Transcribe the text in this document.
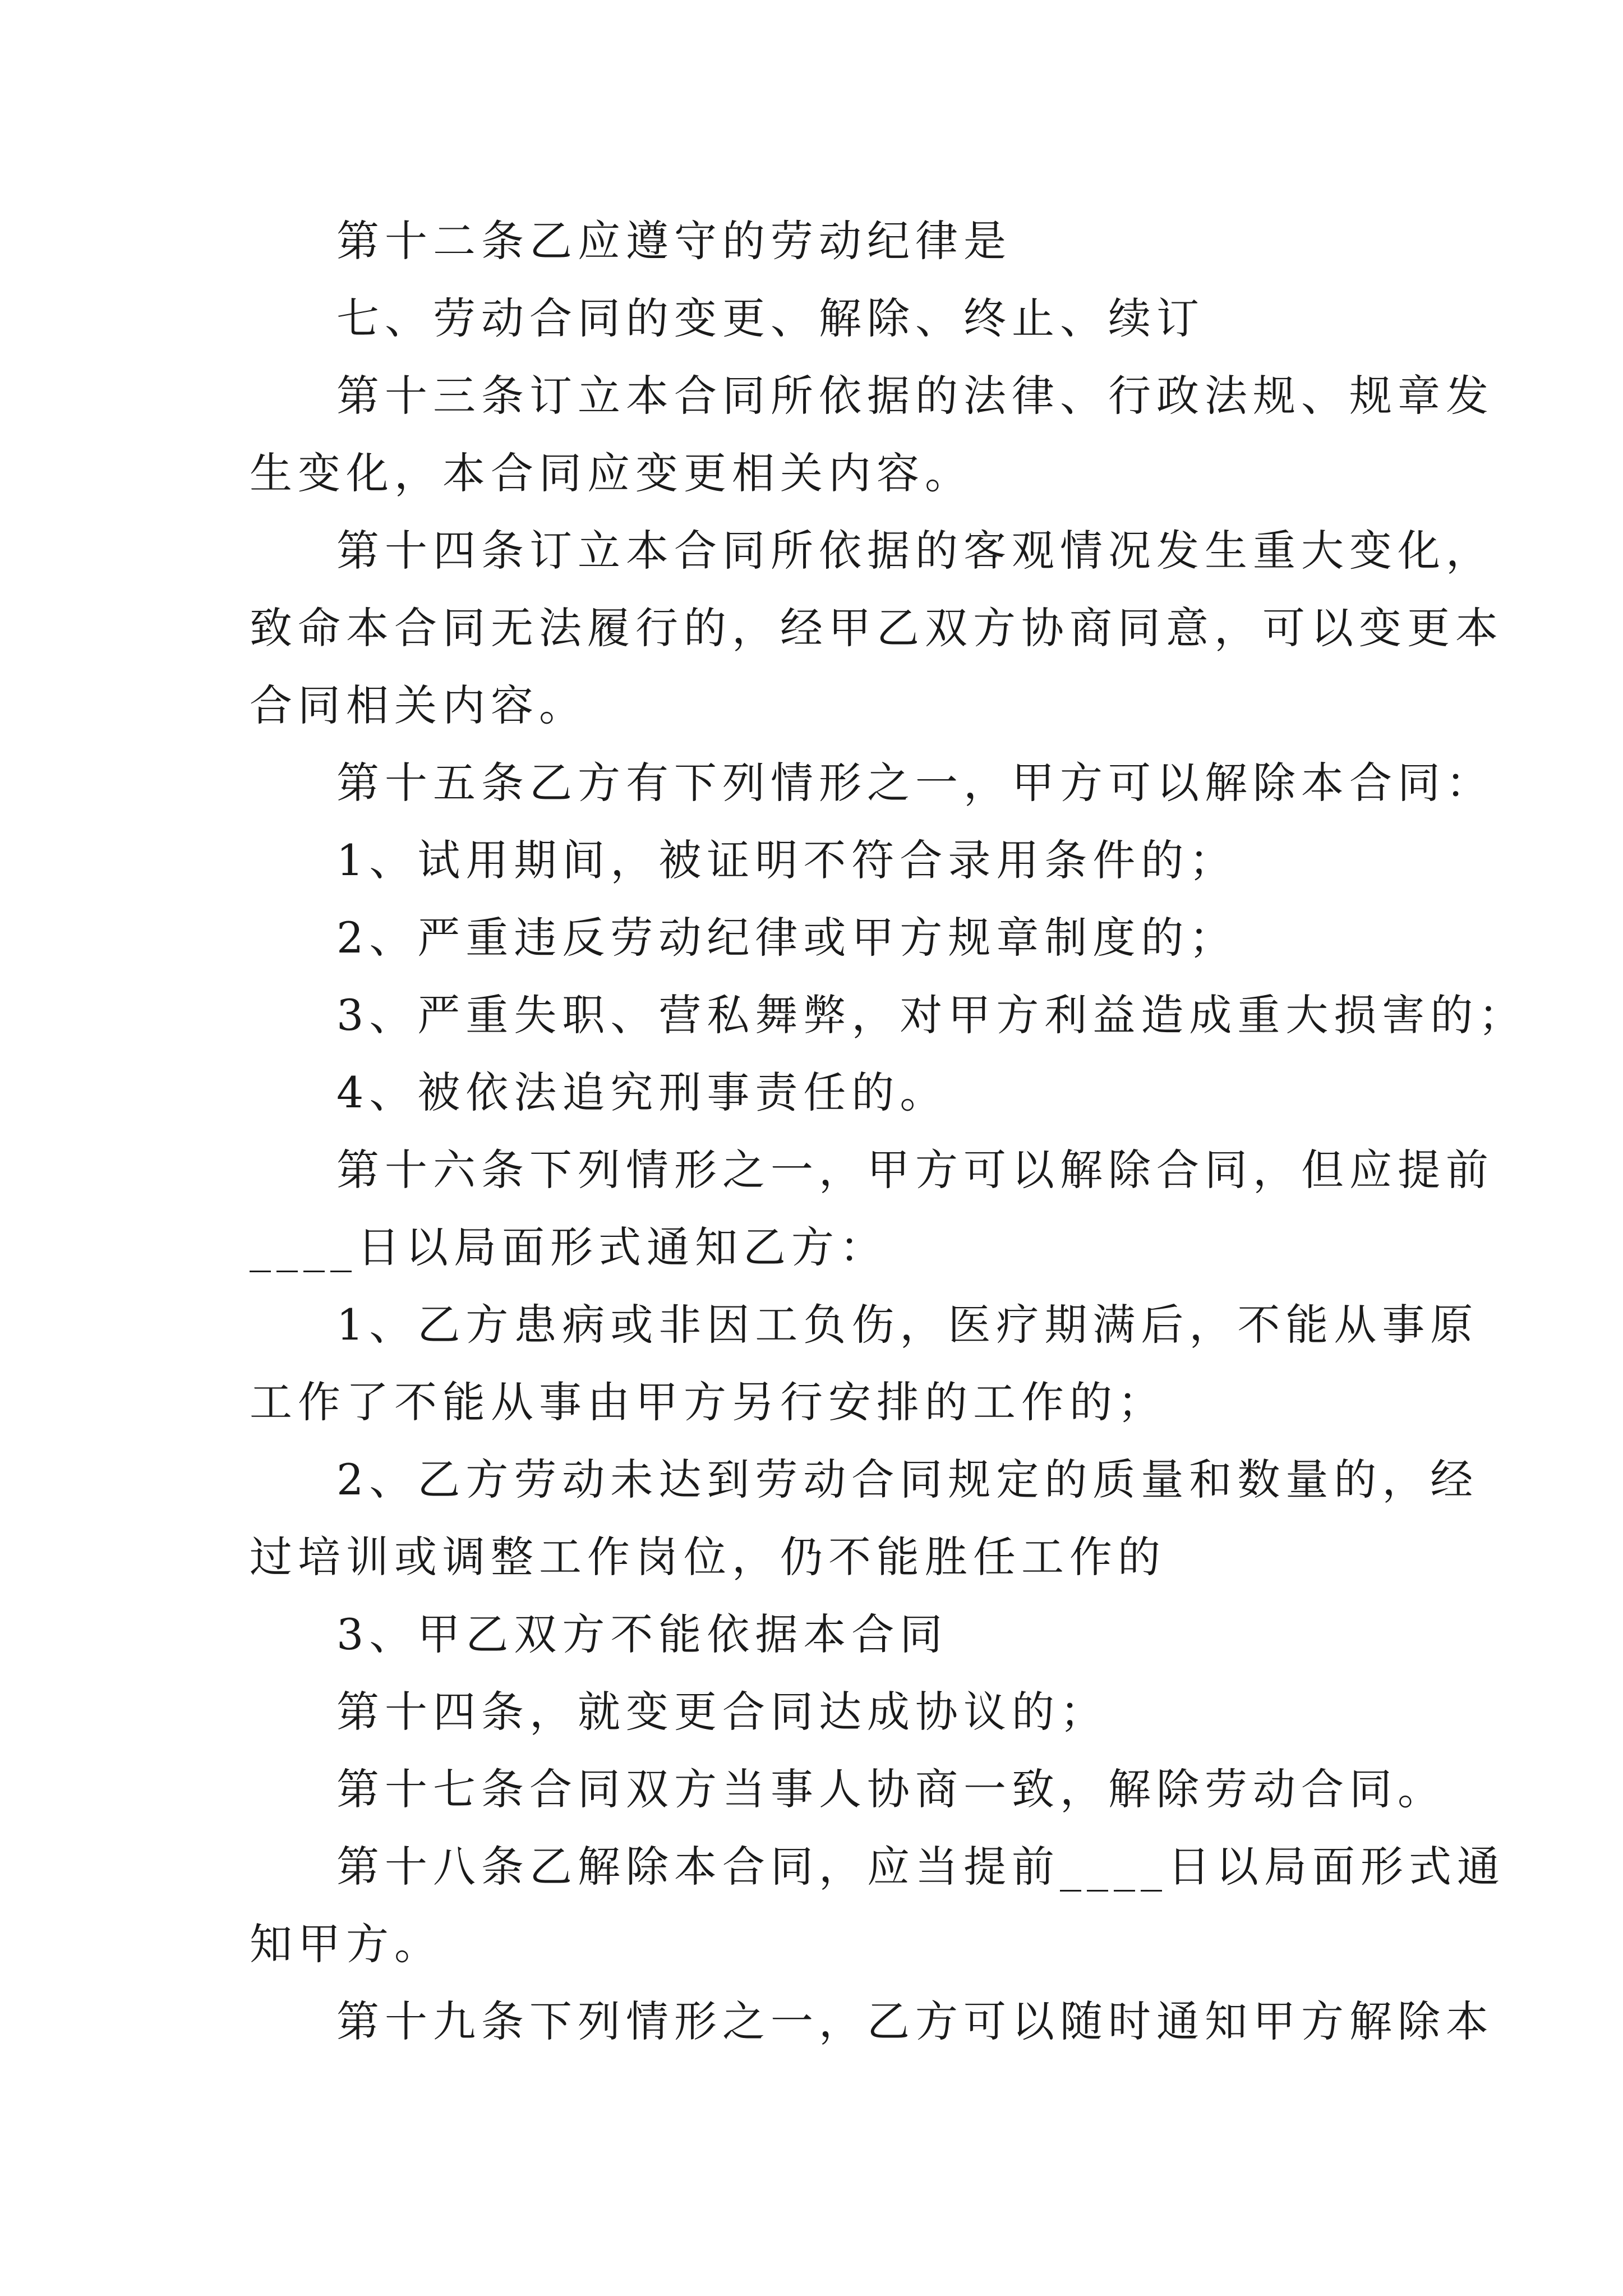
第十二条乙应遵守的劳动纪律是

七、劳动合同的变更、解除、终止、续订

第十三条订立本合同所依据的法律、行政法规、规章发

生变化，本合同应变更相关内容。

第十四条订立本合同所依据的客观情况发生重大变化，

致命本合同无法履行的，经甲乙双方协商同意，可以变更本

合同相关内容。

第十五条乙方有下列情形之一，甲方可以解除本合同：

1、试用期间，被证明不符合录用条件的；

2、严重违反劳动纪律或甲方规章制度的；

3、严重失职、营私舞弊，对甲方利益造成重大损害的；

4、被依法追究刑事责任的。

第十六条下列情形之一，甲方可以解除合同，但应提前

____日以局面形式通知乙方：

1、乙方患病或非因工负伤，医疗期满后，不能从事原

工作了不能从事由甲方另行安排的工作的；

2、乙方劳动未达到劳动合同规定的质量和数量的，经

过培训或调整工作岗位，仍不能胜任工作的

3、甲乙双方不能依据本合同

第十四条，就变更合同达成协议的；

第十七条合同双方当事人协商一致，解除劳动合同。

第十八条乙解除本合同，应当提前____日以局面形式通

知甲方。

第十九条下列情形之一，乙方可以随时通知甲方解除本
